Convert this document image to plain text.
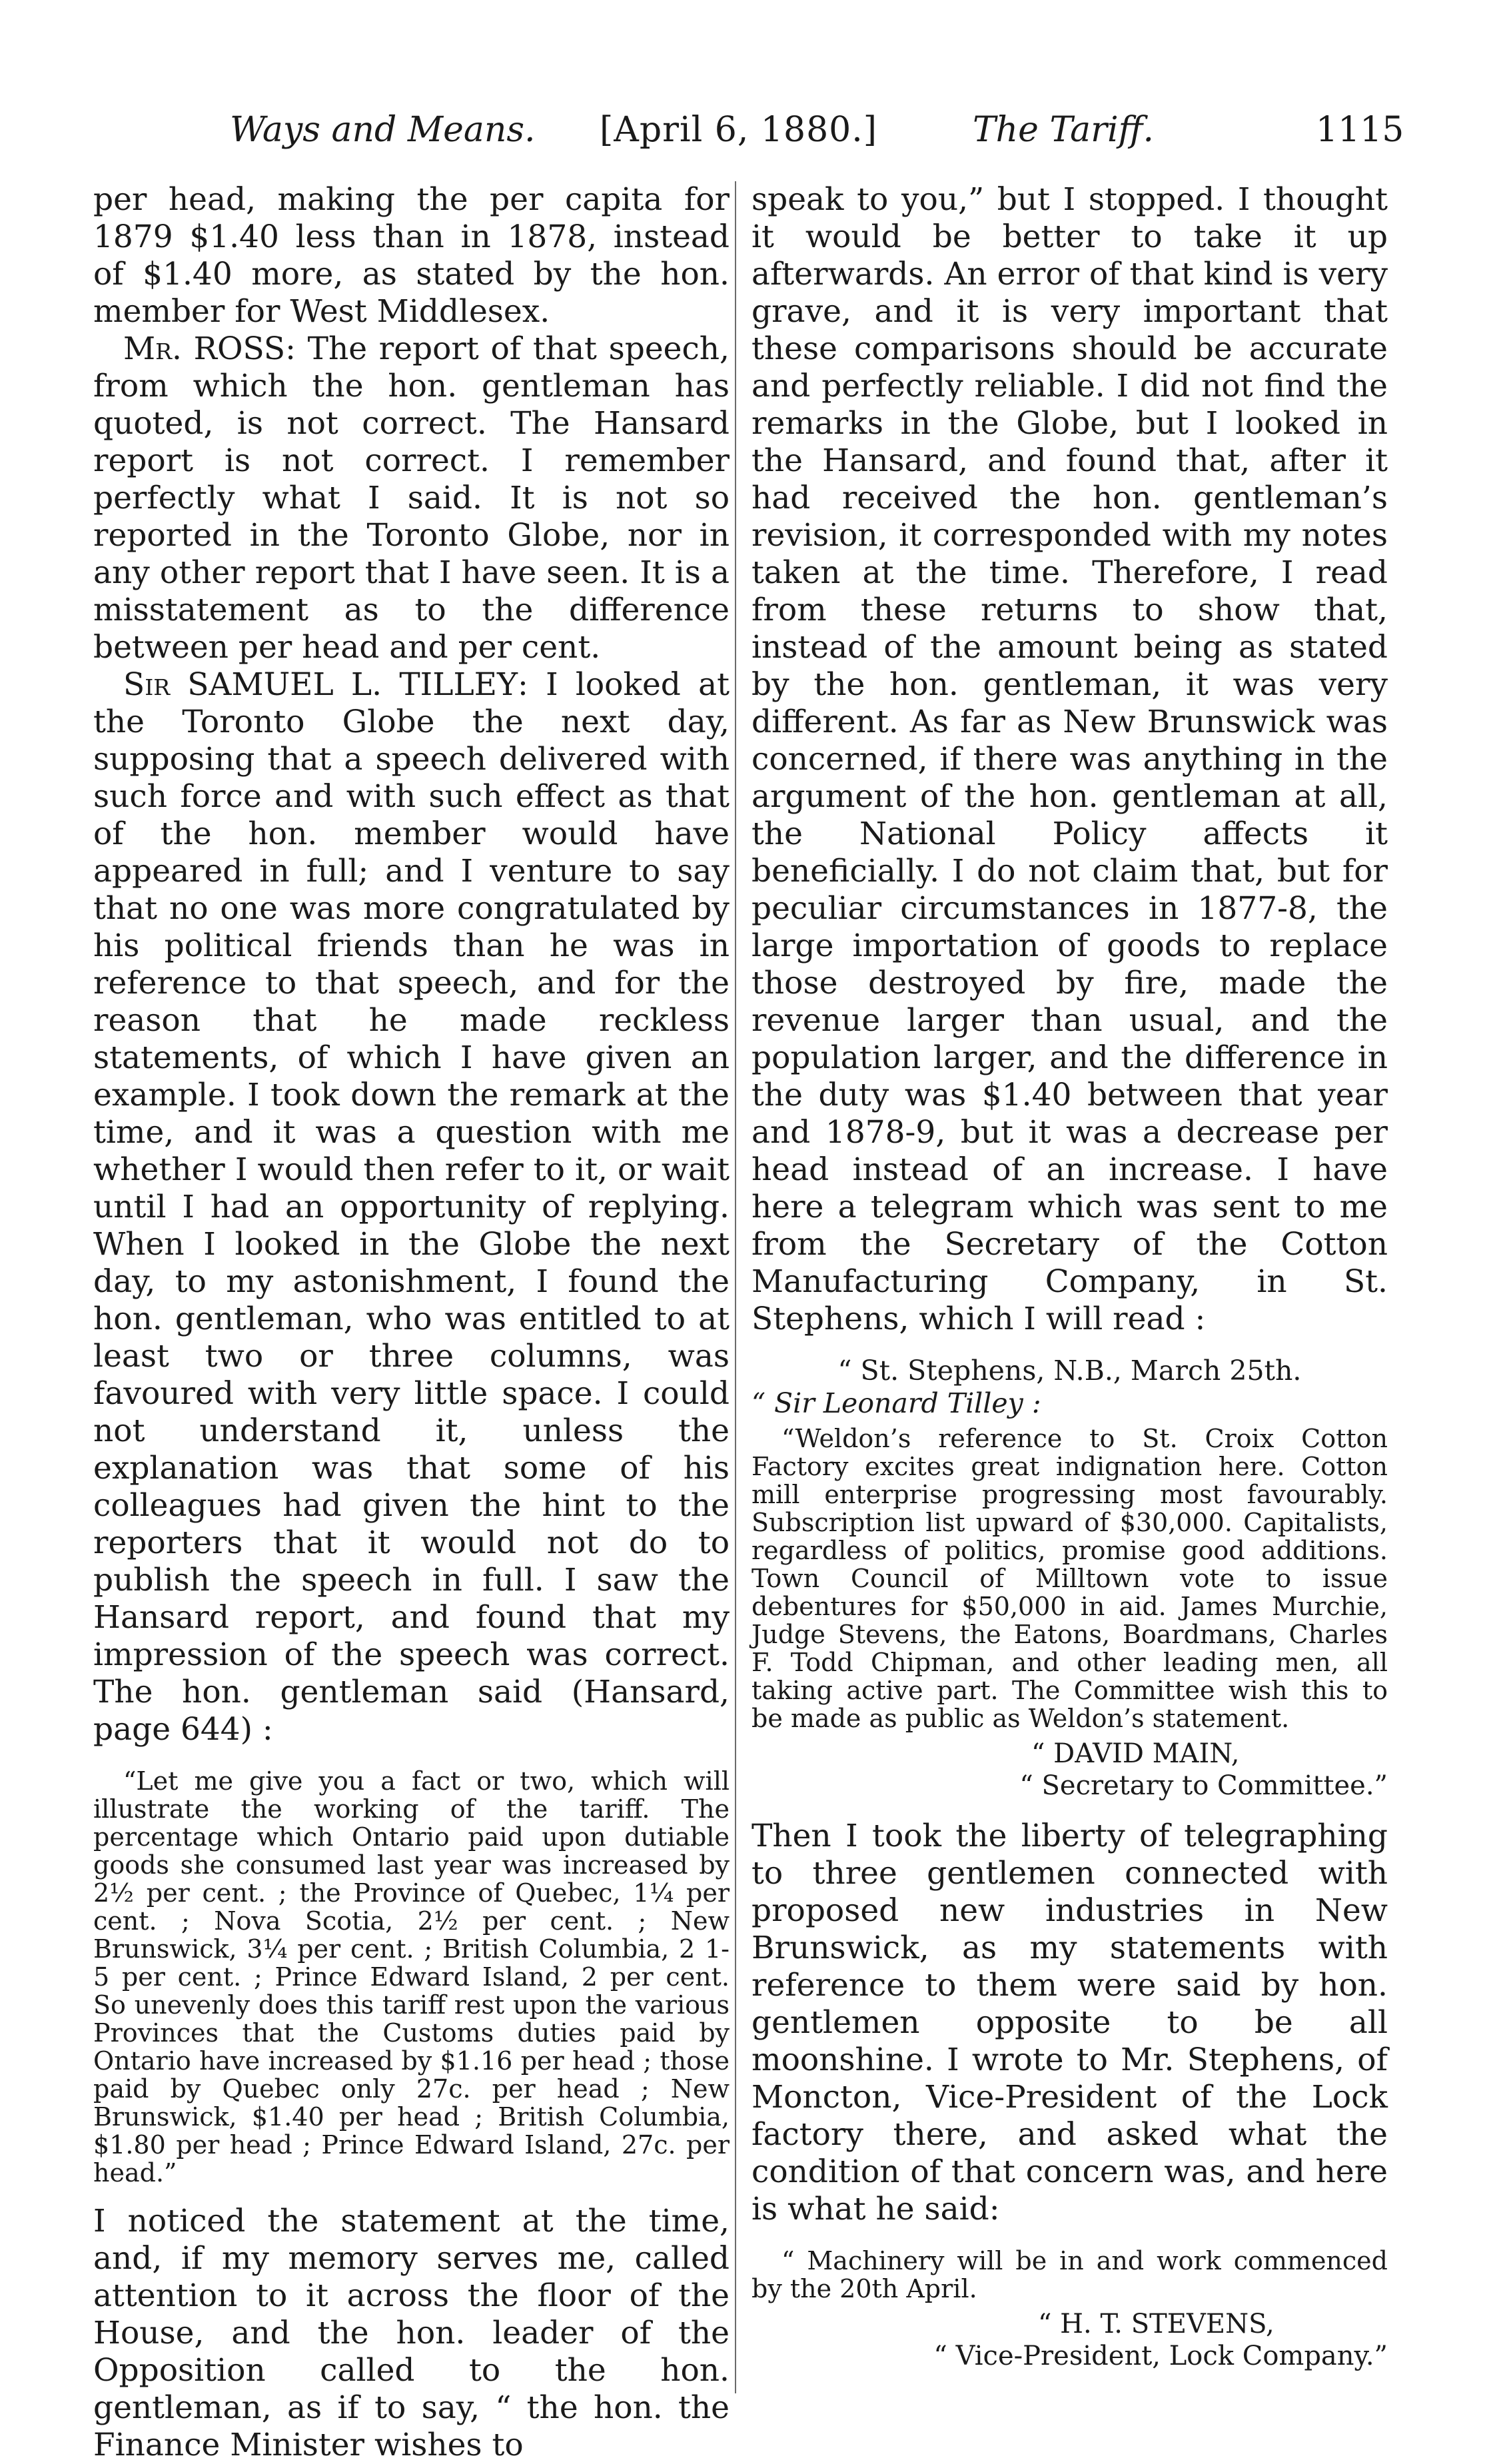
Ways and Means. [April 6, 1880.]	The Tariff.	1115

per head, making the per capita for 1879 $1.40 less than in 1878, instead of $1.40 more, as stated by the hon. member for West Middlesex.

Mr. ROSS: The report of that speech, from which the hon. gentleman has quoted, is not correct. The Hansard report is not correct. I remember perfectly what I said. It is not so reported in the Toronto Globe, nor in any other report that I have seen. It is a misstatement as to the difference between per head and per cent.

Sir SAMUEL L. TILLEY: I looked at the Toronto Globe the next day, supposing that a speech delivered with such force and with such effect as that of the hon. member would have appeared in full; and I venture to say that no one was more congratulated by his political friends than he was in reference to that speech, and for the reason that he made reckless statements, of which I have given an example. I took down the remark at the time, and it was a question with me whether I would then refer to it, or wait until I had an opportunity of replying. When I looked in the Globe the next day, to my astonishment, I found the hon. gentleman, who was entitled to at least two or three columns, was favoured with very little space. I could not understand it, unless the explanation was that some of his colleagues had given the hint to the reporters that it would not do to publish the speech in full. I saw the Hansard report, and found that my impression of the speech was correct. The hon. gentleman said (Hansard, page 644) :

“Let me give you a fact or two, which will illustrate the working of the tariff. The percentage which Ontario paid upon dutiable goods she consumed last year was increased by 2½ per cent. ; the Province of Quebec, 1¼ per cent. ; Nova Scotia, 2½ per cent. ; New Brunswick, 3¼ per cent. ; British Columbia, 2 1-5 per cent. ; Prince Edward Island, 2 per cent. So unevenly does this tariff rest upon the various Provinces that the Customs duties paid by Ontario have increased by $1.16 per head ; those paid by Quebec only 27c. per head ; New Brunswick, $1.40 per head ; British Columbia, $1.80 per head ; Prince Edward Island, 27c. per head.”

I noticed the statement at the time, and, if my memory serves me, called attention to it across the floor of the House, and the hon. leader of the Opposition called to the hon. gentleman, as if to say, “ the hon. the Finance Minister wishes to

speak to you,” but I stopped. I thought it would be better to take it up afterwards. An error of that kind is very grave, and it is very important that these comparisons should be accurate and perfectly reliable. I did not find the remarks in the Globe, but I looked in the Hansard, and found that, after it had received the hon. gentleman’s revision, it corresponded with my notes taken at the time. Therefore, I read from these returns to show that, instead of the amount being as stated by the hon. gentleman, it was very different. As far as New Brunswick was concerned, if there was anything in the argument of the hon. gentleman at all, the National Policy affects it beneficially. I do not claim that, but for peculiar circumstances in 1877-8, the large importation of goods to replace those destroyed by fire, made the revenue larger than usual, and the population larger, and the difference in the duty was $1.40 between that year and 1878-9, but it was a decrease per head instead of an increase. I have here a telegram which was sent to me from the Secretary of the Cotton Manufacturing Company, in St. Stephens, which I will read :

“ St. Stephens, N.B., March 25th.
“ Sir Leonard Tilley :

“Weldon’s reference to St. Croix Cotton Factory excites great indignation here. Cotton mill enterprise progressing most favourably. Subscription list upward of $30,000. Capitalists, regardless of politics, promise good additions. Town Council of Milltown vote to issue debentures for $50,000 in aid. James Murchie, Judge Stevens, the Eatons, Boardmans, Charles F. Todd Chipman, and other leading men, all taking active part. The Committee wish this to be made as public as Weldon’s statement.

“ DAVID MAIN,
“ Secretary to Committee.”

Then I took the liberty of telegraphing to three gentlemen connected with proposed new industries in New Brunswick, as my statements with reference to them were said by hon. gentlemen opposite to be all moonshine. I wrote to Mr. Stephens, of Moncton, Vice-President of the Lock factory there, and asked what the condition of that concern was, and here is what he said:

“ Machinery will be in and work commenced by the 20th April.

“ H. T. STEVENS,
“ Vice-President, Lock Company.”
